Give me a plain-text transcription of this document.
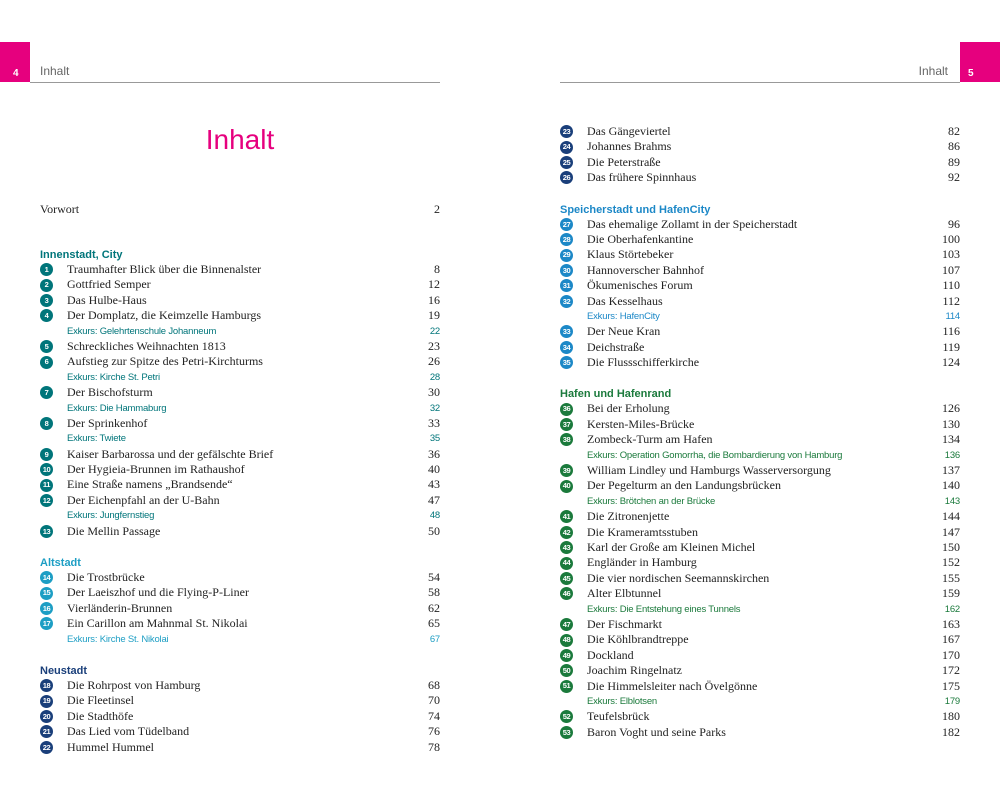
4 Inhalt	5
Inhalt
Inhalt
Vorwort	2
Innenstadt, City
1	Traumhafter Blick über die Binnenalster	8
2	Gottfried Semper	12
3	Das Hulbe-Haus	16
4	Der Domplatz, die Keimzelle Hamburgs	19
Exkurs: Gelehrtenschule Johanneum	22
5	Schreckliches Weihnachten 1813	23
6	Aufstieg zur Spitze des Petri-Kirchturms	26
Exkurs: Kirche St. Petri	28
7	Der Bischofsturm	30
Exkurs: Die Hammaburg	32
8	Der Sprinkenhof	33
Exkurs: Twiete	35
9	Kaiser Barbarossa und der gefälschte Brief	36
10 Der Hygieia-Brunnen im Rathaushof	40
11 Eine Straße namens „Brandsende“	43
12 Der Eichenpfahl an der U-Bahn	47
Exkurs: Jungfernstieg	48
13 Die Mellin Passage	50
Altstadt
14 Die Trostbrücke	54
15 Der Laeiszhof und die Flying-P-Liner	58
16 Vierländerin-Brunnen	62
17 Ein Carillon am Mahnmal St. Nikolai	65
Exkurs: Kirche St. Nikolai	67
Neustadt
18 Die Rohrpost von Hamburg	68
19 Die Fleetinsel	70
20 Die Stadthöfe	74
21 Das Lied vom Tüdelband	76
22 Hummel Hummel	78
23 Das Gängeviertel	82
24 Johannes Brahms	86
25 Die Peterstraße	89
26 Das frühere Spinnhaus	92
Speicherstadt und HafenCity
27 Das ehemalige Zollamt in der Speicherstadt	96
28 Die Oberhafenkantine	100
29 Klaus Störtebeker	103
30 Hannoverscher Bahnhof	107
31 Ökumenisches Forum	110
32 Das Kesselhaus	112
Exkurs: HafenCity	114
33 Der Neue Kran	116
34 Deichstraße	119
35 Die Flussschifferkirche	124
Hafen und Hafenrand
36 Bei der Erholung	126
37 Kersten-Miles-Brücke	130
38 Zombeck-Turm am Hafen	134
Exkurs: Operation Gomorrha, die Bombardierung von Hamburg	136
39 William Lindley und Hamburgs Wasserversorgung	137
40 Der Pegelturm an den Landungsbrücken	140
Exkurs: Brötchen an der Brücke	143
41 Die Zitronenjette	144
42 Die Krameramtsstuben	147
43 Karl der Große am Kleinen Michel	150
44 Engländer in Hamburg	152
45 Die vier nordischen Seemannskirchen	155
46 Alter Elbtunnel	159
Exkurs: Die Entstehung eines Tunnels	162
47 Der Fischmarkt	163
48 Die Köhlbrandtreppe	167
49 Dockland	170
50 Joachim Ringelnatz	172
51 Die Himmelsleiter nach Övelgönne	175
Exkurs: Elblotsen	179
52 Teufelsbrück	180
53 Baron Voght und seine Parks	182
